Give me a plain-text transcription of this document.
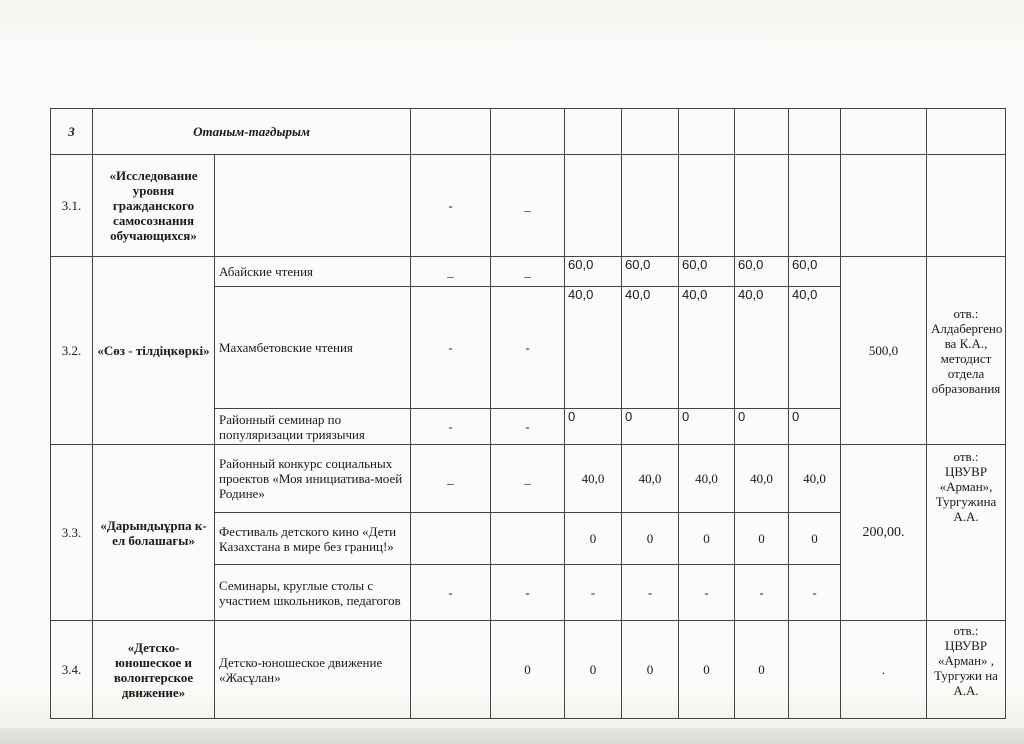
3	Отаным-тағдырым										
3.1.	«Исследование уровня гражданского самосознания обучающихся»		-	_							
3.2.	«Сөз - тілдіңкөркі»	Абайские чтения	_	_	60,0	60,0	60,0	60,0	60,0	500,0	отв.: Алдабергено ва К.А., методист отдела образования
		Махамбетовские чтения	-	-	40,0	40,0	40,0	40,0	40,0		
		Районный семинар по популяризации триязычия	-	-	0	0	0	0	0		
3.3.	«Дарындыұрпа к-ел болашағы»	Районный конкурс социальных проектов «Моя инициатива-моей Родине»	_	_	40,0	40,0	40,0	40,0	40,0	200,00.	отв.: ЦВУВР «Арман», Тургужина А.А.
		Фестиваль детского кино «Дети Казахстана в мире без границ!»			0	0	0	0	0		
		Семинары, круглые столы с участием школьников, педагогов	-	-	-	-	-	-	-		
3.4.	«Детско-юношеское и волонтерское движение»	Детско-юношеское движение «Жасұлан»		0	0	0	0	0		.	отв.: ЦВУВР «Арман» , Тургужи на А.А.
